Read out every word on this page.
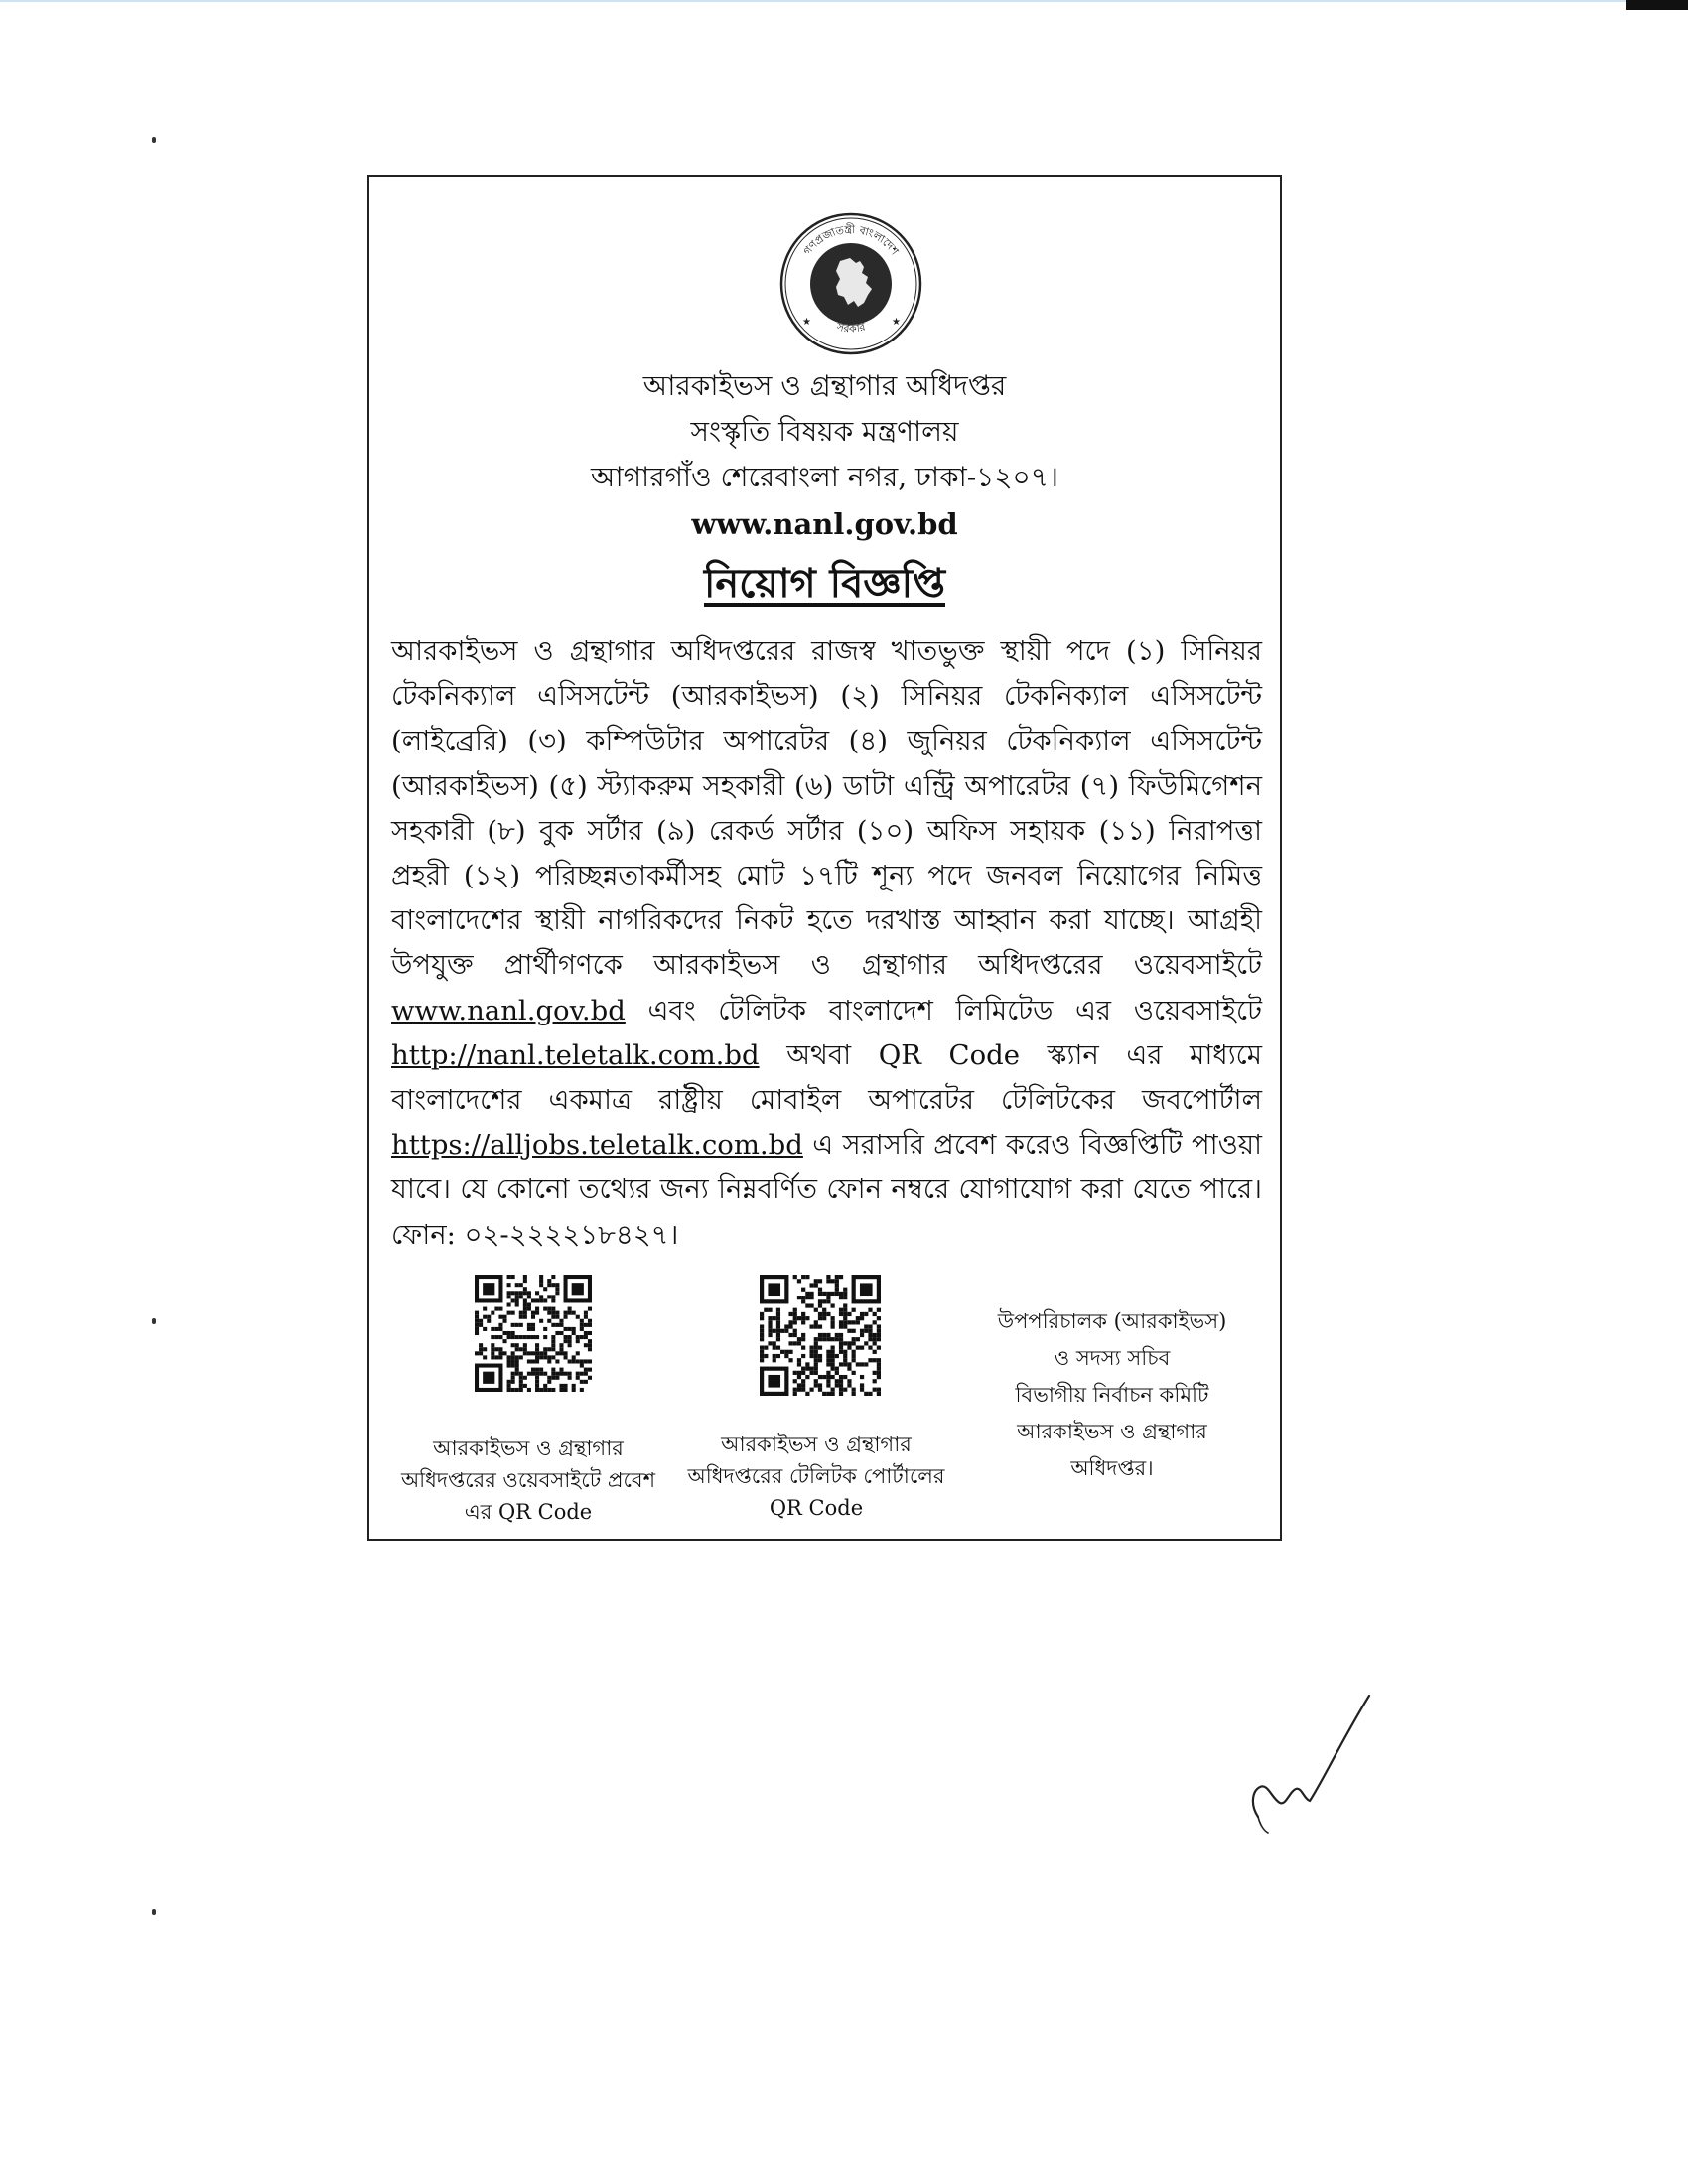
গণপ্রজাতন্ত্রী বাংলাদেশ
সরকার
★	★
আরকাইভস ও গ্রন্থাগার অধিদপ্তর
সংস্কৃতি বিষয়ক মন্ত্রণালয়
আগারগাঁও শেরেবাংলা নগর, ঢাকা-১২০৭।
www.nanl.gov.bd
নিয়োগ বিজ্ঞপ্তি
আরকাইভস ও গ্রন্থাগার অধিদপ্তরের রাজস্ব খাতভুক্ত স্থায়ী পদে (১) সিনিয়র টেকনিক্যাল এসিসটেন্ট (আরকাইভস) (২) সিনিয়র টেকনিক্যাল এসিসটেন্ট (লাইব্রেরি) (৩) কম্পিউটার অপারেটর (৪) জুনিয়র টেকনিক্যাল এসিসটেন্ট (আরকাইভস) (৫) স্ট্যাকরুম সহকারী (৬) ডাটা এন্ট্রি অপারেটর (৭) ফিউমিগেশন সহকারী (৮) বুক সর্টার (৯) রেকর্ড সর্টার (১০) অফিস সহায়ক (১১) নিরাপত্তা প্রহরী (১২) পরিচ্ছন্নতাকর্মীসহ মোট ১৭টি শূন্য পদে জনবল নিয়োগের নিমিত্ত বাংলাদেশের স্থায়ী নাগরিকদের নিকট হতে দরখাস্ত আহ্বান করা যাচ্ছে। আগ্রহী উপযুক্ত প্রার্থীগণকে আরকাইভস ও গ্রন্থাগার অধিদপ্তরের ওয়েবসাইটে www.nanl.gov.bd এবং টেলিটক বাংলাদেশ লিমিটেড এর ওয়েবসাইটে http://nanl.teletalk.com.bd অথবা QR Code স্ক্যান এর মাধ্যমে বাংলাদেশের একমাত্র রাষ্ট্রীয় মোবাইল অপারেটর টেলিটকের জবপোর্টাল https://alljobs.teletalk.com.bd এ সরাসরি প্রবেশ করেও বিজ্ঞপ্তিটি পাওয়া যাবে। যে কোনো তথ্যের জন্য নিম্নবর্ণিত ফোন নম্বরে যোগাযোগ করা যেতে পারে। ফোন: ০২-২২২২১৮৪২৭।
আরকাইভস ও গ্রন্থাগার
অধিদপ্তরের ওয়েবসাইটে প্রবেশ
এর QR Code
আরকাইভস ও গ্রন্থাগার
অধিদপ্তরের টেলিটক পোর্টালের
QR Code
উপপরিচালক (আরকাইভস)
ও সদস্য সচিব
বিভাগীয় নির্বাচন কমিটি
আরকাইভস ও গ্রন্থাগার
অধিদপ্তর।
